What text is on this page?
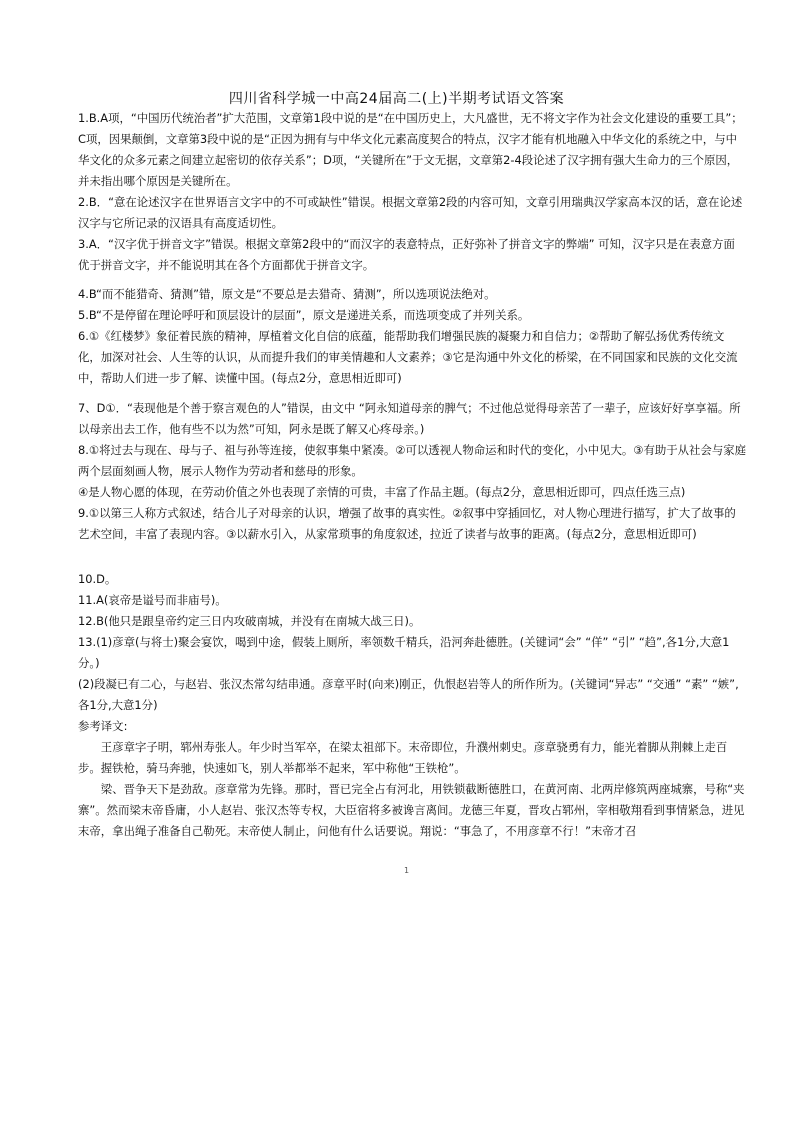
四川省科学城一中高24届高二(上)半期考试语文答案

1.B.A项，“中国历代统治者”扩大范围，文章第1段中说的是“在中国历史上，大凡盛世，无不将文字作为社会文化建设的重要工具”；C项，因果颠倒，文章第3段中说的是“正因为拥有与中华文化元素高度契合的特点，汉字才能有机地融入中华文化的系统之中，与中华文化的众多元素之间建立起密切的依存关系”；D项，“关键所在”于文无据，文章第2-4段论述了汉字拥有强大生命力的三个原因，并未指出哪个原因是关键所在。

2.B．“意在论述汉字在世界语言文字中的不可或缺性”错误。根据文章第2段的内容可知，文章引用瑞典汉学家高本汉的话，意在论述汉字与它所记录的汉语具有高度适切性。

3.A．“汉字优于拼音文字”错误。根据文章第2段中的“而汉字的表意特点，正好弥补了拼音文字的弊端” 可知，汉字只是在表意方面优于拼音文字，并不能说明其在各个方面都优于拼音文字。

4.B“而不能猎奇、猜测”错，原文是“不要总是去猎奇、猜测”，所以选项说法绝对。

5.B“不是停留在理论呼吁和顶层设计的层面”，原文是递进关系，而选项变成了并列关系。

6.①《红楼梦》象征着民族的精神，厚植着文化自信的底蕴，能帮助我们增强民族的凝聚力和自信力；②帮助了解弘扬优秀传统文化，加深对社会、人生等的认识，从而提升我们的审美情趣和人文素养；③它是沟通中外文化的桥梁，在不同国家和民族的文化交流中，帮助人们进一步了解、读懂中国。(每点2分，意思相近即可)

7、D①．“表现他是个善于察言观色的人”错误，由文中 “阿永知道母亲的脾气；不过他总觉得母亲苦了一辈子，应该好好享享福。所以母亲出去工作，他有些不以为然”可知，阿永是既了解又心疼母亲。)

8.①将过去与现在、母与子、祖与孙等连接，使叙事集中紧凑。②可以透视人物命运和时代的变化，小中见大。③有助于从社会与家庭两个层面刻画人物，展示人物作为劳动者和慈母的形象。

④是人物心愿的体现，在劳动价值之外也表现了亲情的可贵，丰富了作品主题。(每点2分，意思相近即可，四点任选三点)

9.①以第三人称方式叙述，结合儿子对母亲的认识，增强了故事的真实性。②叙事中穿插回忆，对人物心理进行描写，扩大了故事的艺术空间，丰富了表现内容。③以薪水引入，从家常琐事的角度叙述，拉近了读者与故事的距离。(每点2分，意思相近即可)

10.D。

11.A(哀帝是谥号而非庙号)。

12.B(他只是跟皇帝约定三日内攻破南城，并没有在南城大战三日)。

13.(1)彦章(与将士)聚会宴饮，喝到中途，假装上厕所，率领数千精兵，沿河奔赴德胜。(关键词“会” “佯” “引” “趋”,各1分,大意1分。)

(2)段凝已有二心，与赵岩、张汉杰常勾结串通。彦章平时(向来)刚正，仇恨赵岩等人的所作所为。(关键词“异志” “交通” “素” “嫉”,各1分,大意1分)

参考译文:

王彦章字子明，郓州寿张人。年少时当军卒，在梁太祖部下。末帝即位，升濮州刺史。彦章骁勇有力，能光着脚从荆棘上走百步。握铁枪，骑马奔驰，快速如飞，别人举都举不起来，军中称他“王铁枪”。

梁、晋争天下是劲敌。彦章常为先锋。那时，晋已完全占有河北，用铁锁截断德胜口，在黄河南、北两岸修筑两座城寨，号称“夹寨”。然而梁末帝昏庸，小人赵岩、张汉杰等专权，大臣宿将多被谗言离间。龙德三年夏，晋攻占郓州，宰相敬翔看到事情紧急，进见末帝，拿出绳子准备自己勒死。末帝使人制止，问他有什么话要说。翔说：“事急了，不用彦章不行！”末帝才召

1
